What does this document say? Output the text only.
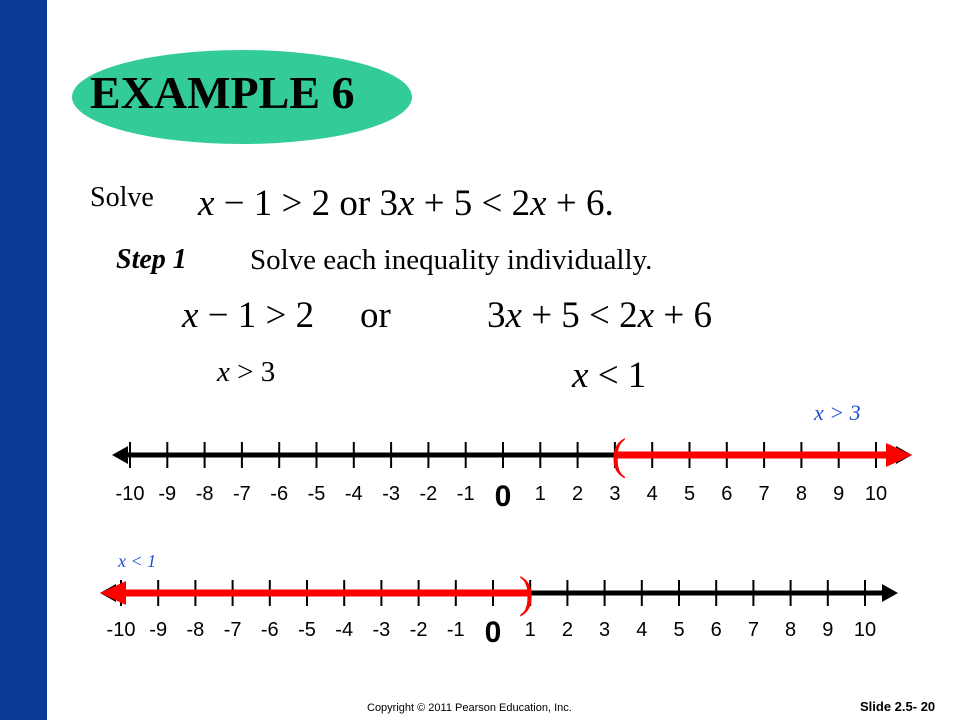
EXAMPLE 6
Solve x − 1 > 2 or 3x + 5 < 2x + 6.
Step 1 Solve each inequality individually.
x − 1 > 2 or	3x + 5 < 2x + 6
x > 3	x < 1
-10 -9 -8 -7 -6 -5 -4 -3 -2 -1 0 1 2 3 4 5 6 7 8 9 10
(
x > 3
-10 -9 -8 -7 -6 -5 -4 -3 -2 -1 0 1 2 3 4 5 6 7 8 9 10
)
x < 1
Copyright © 2011 Pearson Education, Inc.	Slide 2.5- 20
